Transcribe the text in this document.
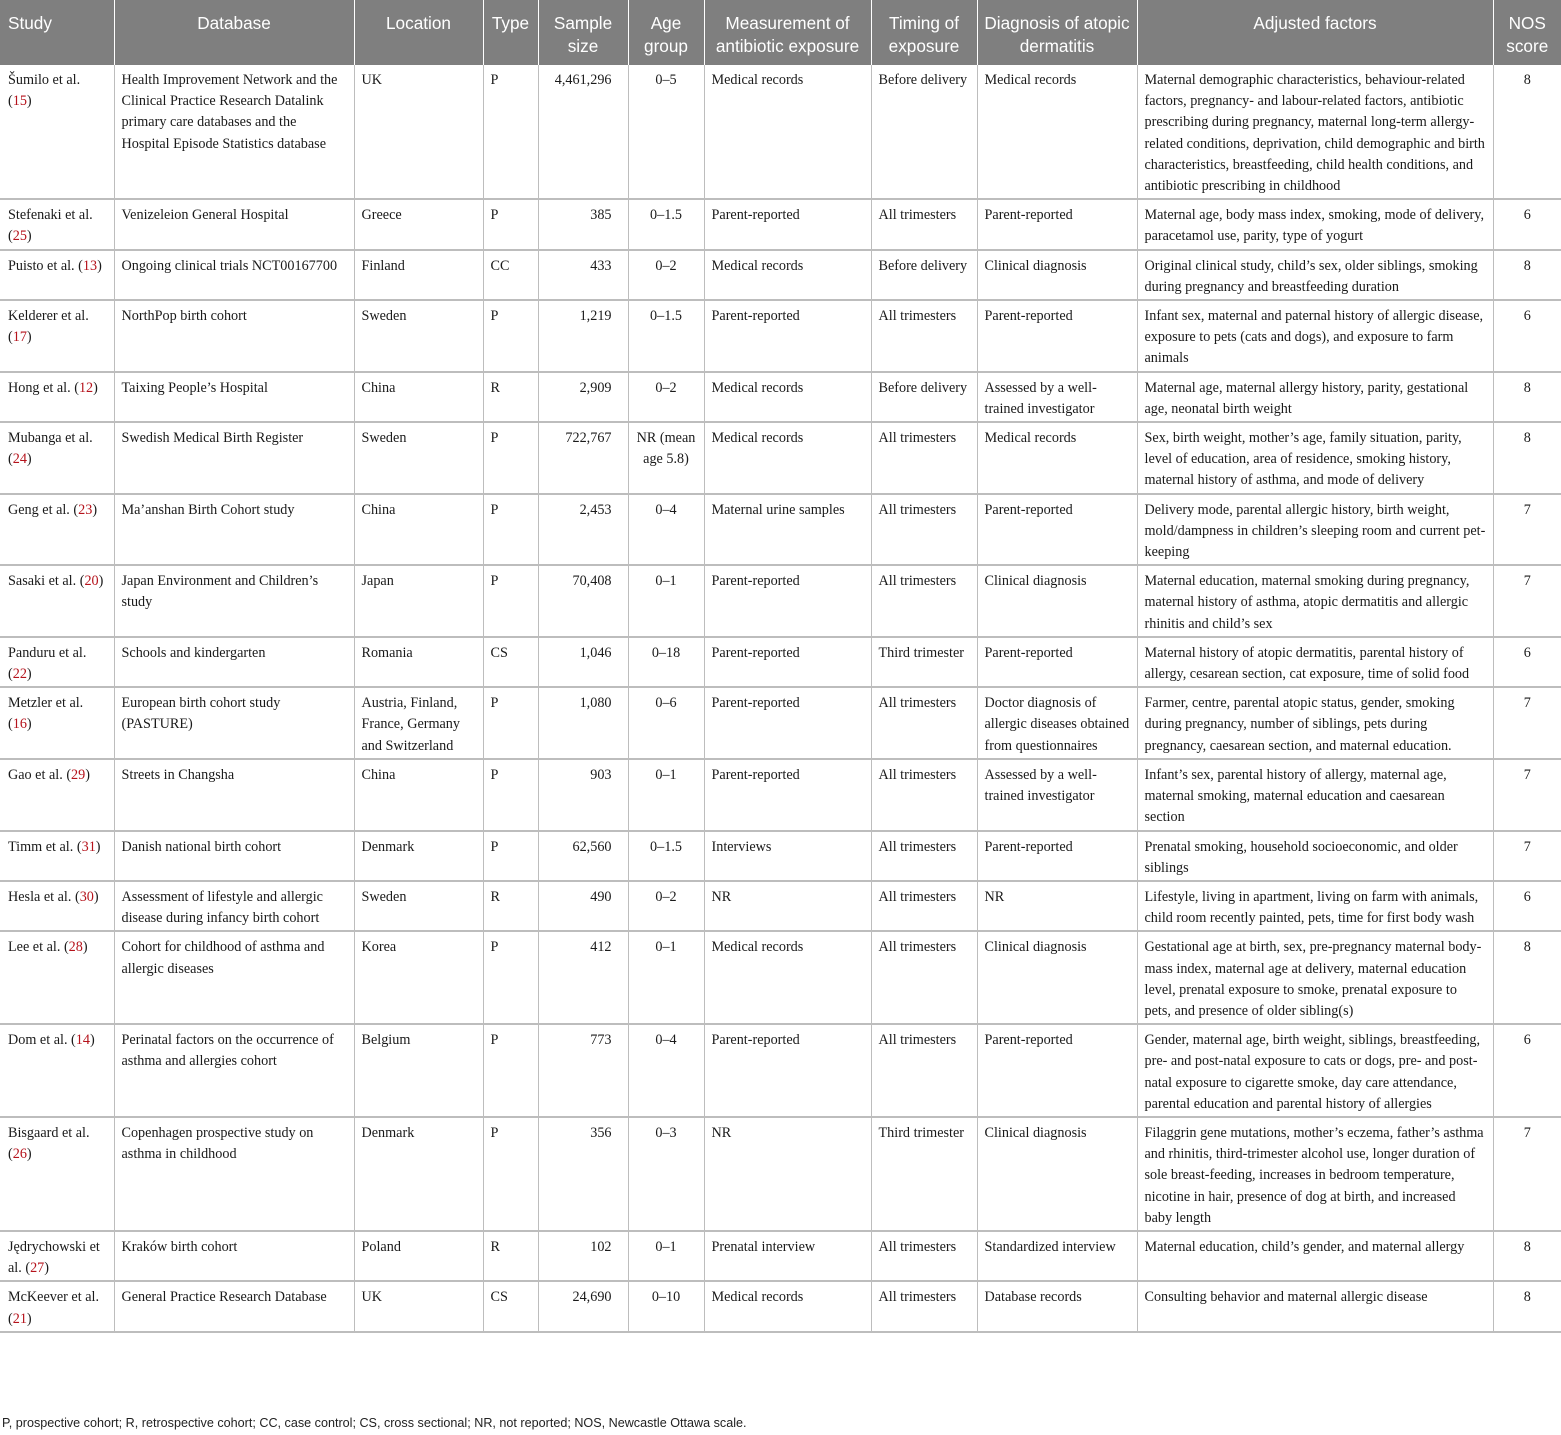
Study	Database	Location	Type	Sample size	Age group	Measurement of antibiotic exposure	Timing of exposure	Diagnosis of atopic dermatitis	Adjusted factors	NOS score
Šumilo et al. (15)	Health Improvement Network and the Clinical Practice Research Datalink primary care databases and the Hospital Episode Statistics database	UK	P	4,461,296	0–5	Medical records	Before delivery	Medical records	Maternal demographic characteristics, behaviour-related factors, pregnancy- and labour-related factors, antibiotic prescribing during pregnancy, maternal long-term allergy- related conditions, deprivation, child demographic and birth characteristics, breastfeeding, child health conditions, and antibiotic prescribing in childhood	8
Stefenaki et al. (25)	Venizeleion General Hospital	Greece	P	385	0–1.5	Parent-reported	All trimesters	Parent-reported	Maternal age, body mass index, smoking, mode of delivery, paracetamol use, parity, type of yogurt	6
Puisto et al. (13)	Ongoing clinical trials NCT00167700	Finland	CC	433	0–2	Medical records	Before delivery	Clinical diagnosis	Original clinical study, child’s sex, older siblings, smoking during pregnancy and breastfeeding duration	8
Kelderer et al. (17)	NorthPop birth cohort	Sweden	P	1,219	0–1.5	Parent-reported	All trimesters	Parent-reported	Infant sex, maternal and paternal history of allergic disease, exposure to pets (cats and dogs), and exposure to farm animals	6
Hong et al. (12)	Taixing People’s Hospital	China	R	2,909	0–2	Medical records	Before delivery	Assessed by a well-trained investigator	Maternal age, maternal allergy history, parity, gestational age, neonatal birth weight	8
Mubanga et al. (24)	Swedish Medical Birth Register	Sweden	P	722,767	NR (mean age 5.8)	Medical records	All trimesters	Medical records	Sex, birth weight, mother’s age, family situation, parity, level of education, area of residence, smoking history, maternal history of asthma, and mode of delivery	8
Geng et al. (23)	Ma’anshan Birth Cohort study	China	P	2,453	0–4	Maternal urine samples	All trimesters	Parent-reported	Delivery mode, parental allergic history, birth weight, mold/dampness in children’s sleeping room and current pet-keeping	7
Sasaki et al. (20)	Japan Environment and Children’s study	Japan	P	70,408	0–1	Parent-reported	All trimesters	Clinical diagnosis	Maternal education, maternal smoking during pregnancy, maternal history of asthma, atopic dermatitis and allergic rhinitis and child’s sex	7
Panduru et al. (22)	Schools and kindergarten	Romania	CS	1,046	0–18	Parent-reported	Third trimester	Parent-reported	Maternal history of atopic dermatitis, parental history of allergy, cesarean section, cat exposure, time of solid food	6
Metzler et al. (16)	European birth cohort study (PASTURE)	Austria, Finland, France, Germany and Switzerland	P	1,080	0–6	Parent-reported	All trimesters	Doctor diagnosis of allergic diseases obtained from questionnaires	Farmer, centre, parental atopic status, gender, smoking during pregnancy, number of siblings, pets during pregnancy, caesarean section, and maternal education.	7
Gao et al. (29)	Streets in Changsha	China	P	903	0–1	Parent-reported	All trimesters	Assessed by a well-trained investigator	Infant’s sex, parental history of allergy, maternal age, maternal smoking, maternal education and caesarean section	7
Timm et al. (31)	Danish national birth cohort	Denmark	P	62,560	0–1.5	Interviews	All trimesters	Parent-reported	Prenatal smoking, household socioeconomic, and older siblings	7
Hesla et al. (30)	Assessment of lifestyle and allergic disease during infancy birth cohort	Sweden	R	490	0–2	NR	All trimesters	NR	Lifestyle, living in apartment, living on farm with animals, child room recently painted, pets, time for first body wash	6
Lee et al. (28)	Cohort for childhood of asthma and allergic diseases	Korea	P	412	0–1	Medical records	All trimesters	Clinical diagnosis	Gestational age at birth, sex, pre-pregnancy maternal body-mass index, maternal age at delivery, maternal education level, prenatal exposure to smoke, prenatal exposure to pets, and presence of older sibling(s)	8
Dom et al. (14)	Perinatal factors on the occurrence of asthma and allergies cohort	Belgium	P	773	0–4	Parent-reported	All trimesters	Parent-reported	Gender, maternal age, birth weight, siblings, breastfeeding, pre- and post-natal exposure to cats or dogs, pre- and post-natal exposure to cigarette smoke, day care attendance, parental education and parental history of allergies	6
Bisgaard et al. (26)	Copenhagen prospective study on asthma in childhood	Denmark	P	356	0–3	NR	Third trimester	Clinical diagnosis	Filaggrin gene mutations, mother’s eczema, father’s asthma and rhinitis, third-trimester alcohol use, longer duration of sole breast-feeding, increases in bedroom temperature, nicotine in hair, presence of dog at birth, and increased baby length	7
Jędrychowski et al. (27)	Kraków birth cohort	Poland	R	102	0–1	Prenatal interview	All trimesters	Standardized interview	Maternal education, child’s gender, and maternal allergy	8
McKeever et al. (21)	General Practice Research Database	UK	CS	24,690	0–10	Medical records	All trimesters	Database records	Consulting behavior and maternal allergic disease	8
P, prospective cohort; R, retrospective cohort; CC, case control; CS, cross sectional; NR, not reported; NOS, Newcastle Ottawa scale.
